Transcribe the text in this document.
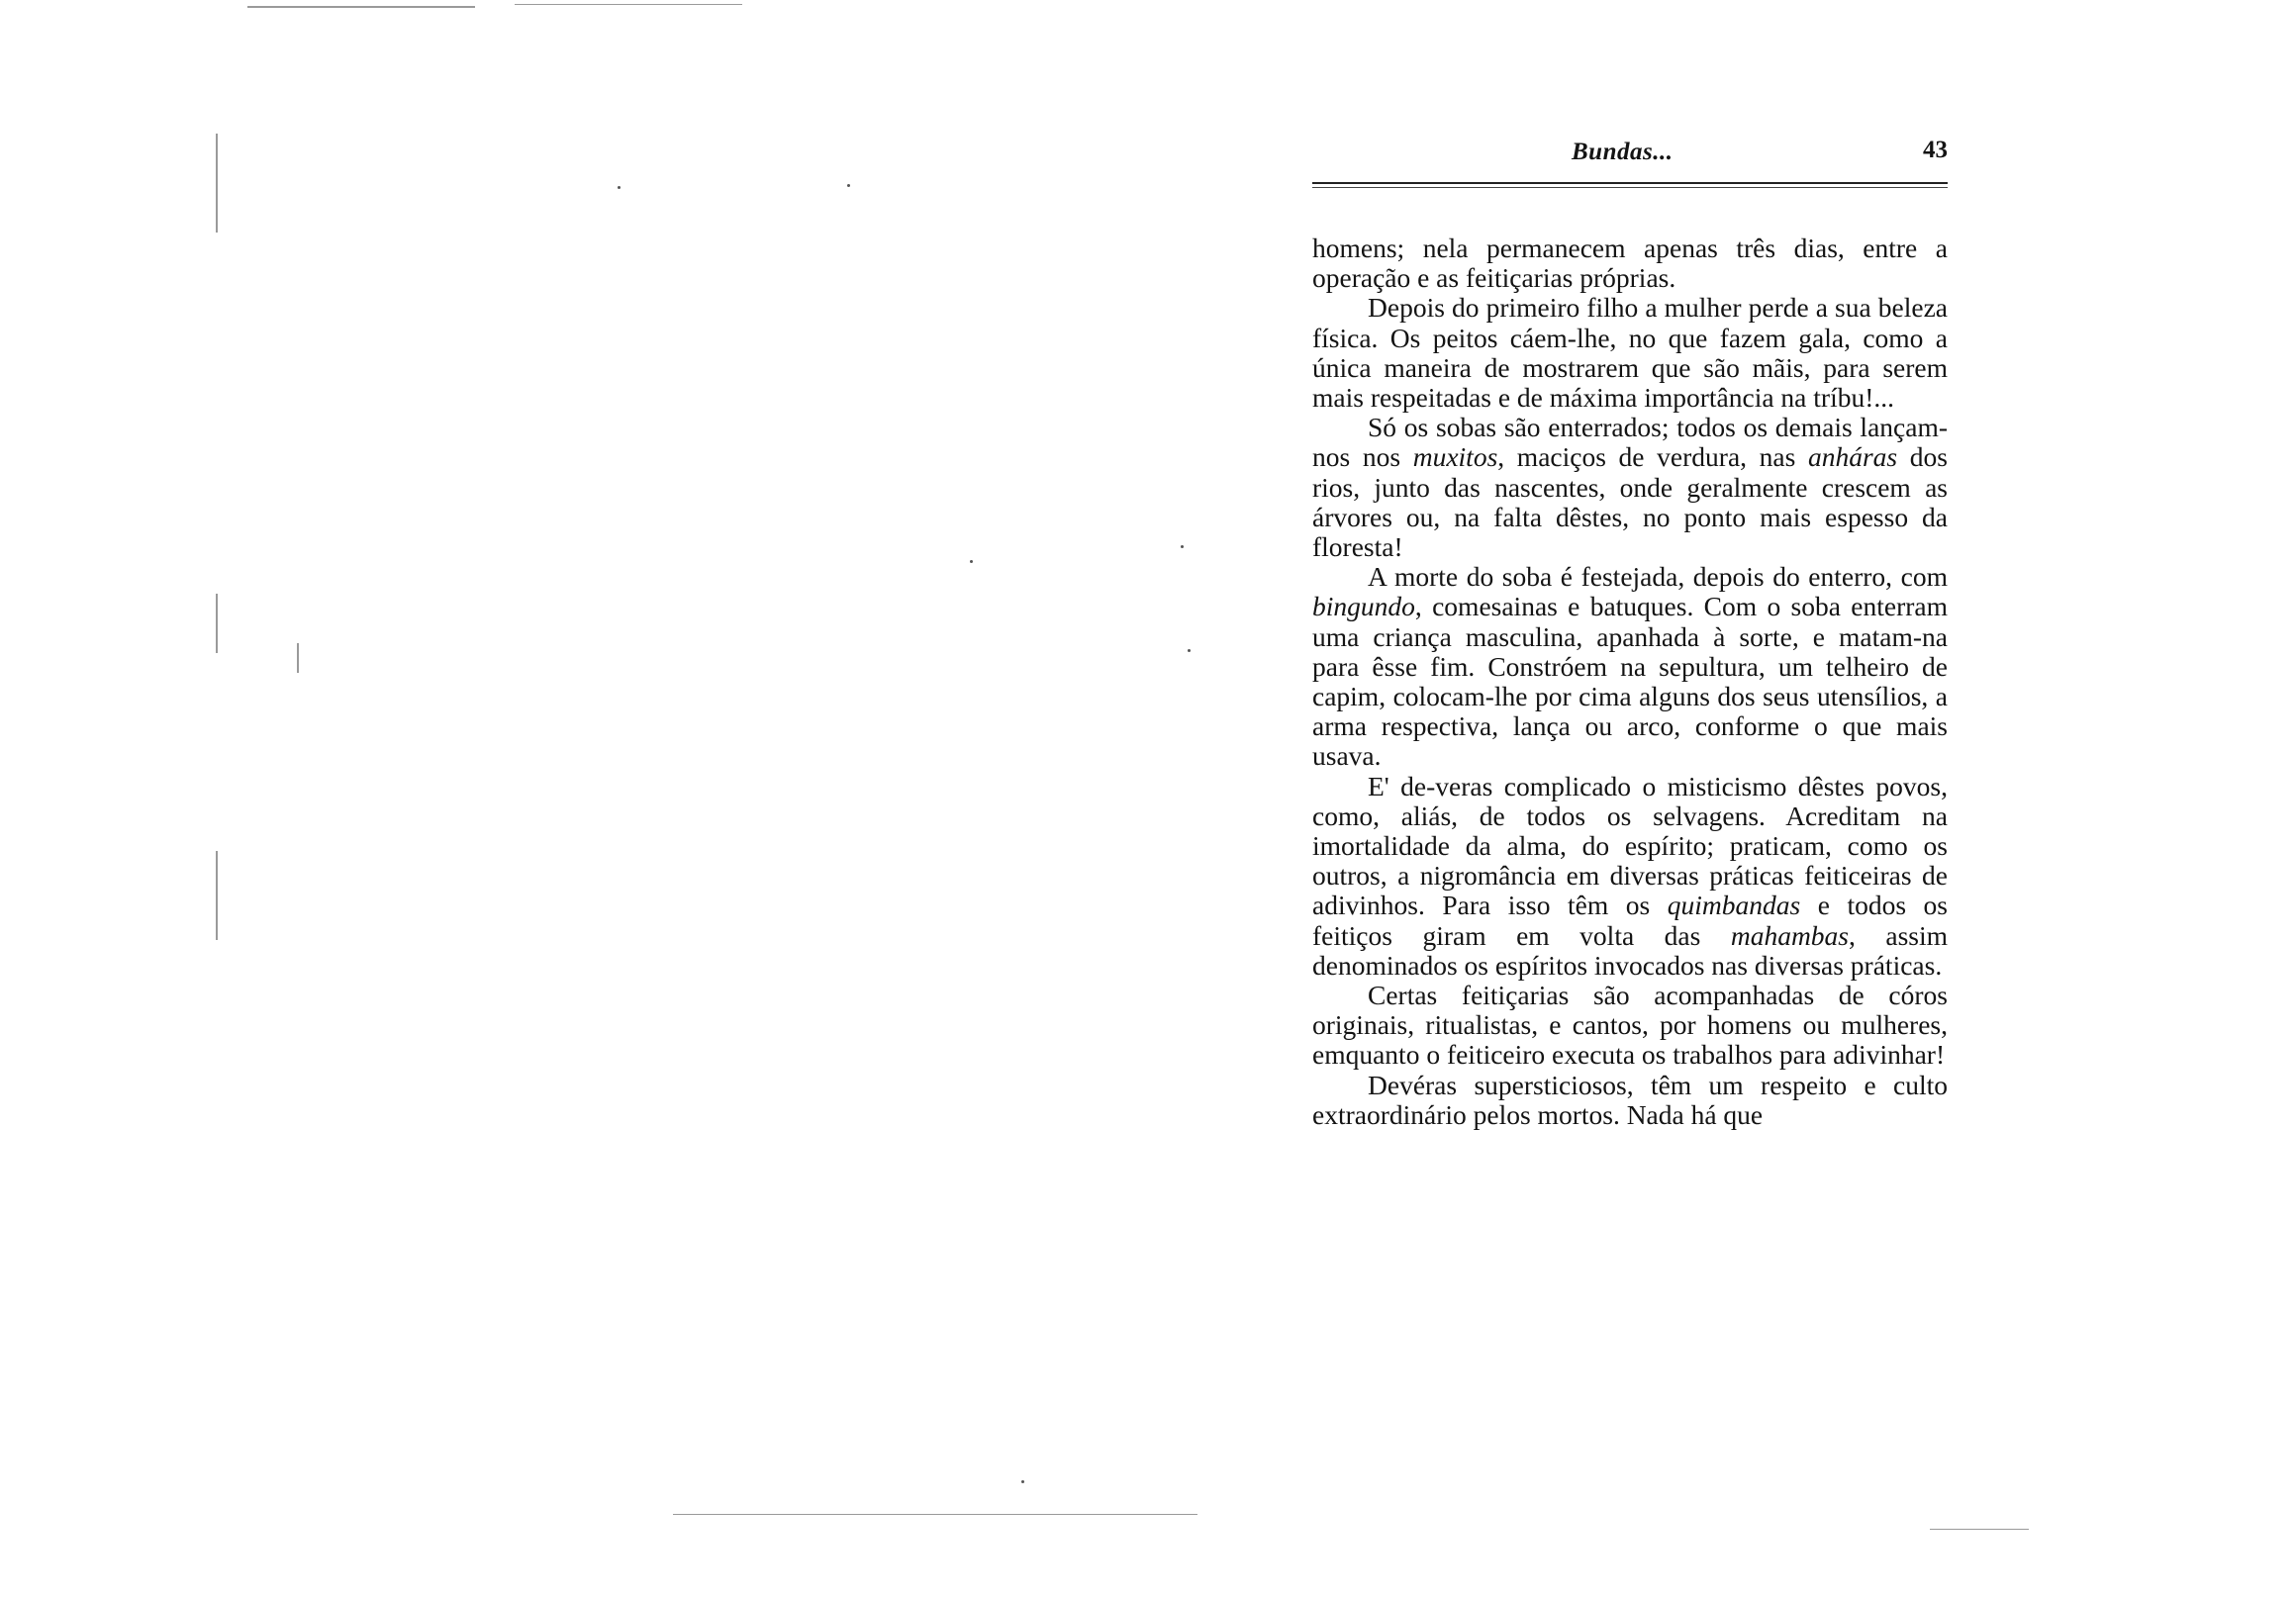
Bundas...	43

homens; nela permanecem apenas três dias, entre a operação e as feitiçarias próprias.

Depois do primeiro filho a mulher perde a sua beleza física. Os peitos cáem-lhe, no que fazem gala, como a única maneira de mostrarem que são mãis, para serem mais respeitadas e de máxima importância na tríbu!...

Só os sobas são enterrados; todos os demais lançam-nos nos muxitos, maciços de verdura, nas anháras dos rios, junto das nascentes, onde geralmente crescem as árvores ou, na falta dêstes, no ponto mais espesso da floresta!

A morte do soba é festejada, depois do enterro, com bingundo, comesainas e batuques. Com o soba enterram uma criança masculina, apanhada à sorte, e matam-na para êsse fim. Constróem na sepultura, um telheiro de capim, colocam-lhe por cima alguns dos seus utensílios, a arma respectiva, lança ou arco, conforme o que mais usava.

E' de-veras complicado o misticismo dêstes povos, como, aliás, de todos os selvagens. Acreditam na imortalidade da alma, do espírito; praticam, como os outros, a nigromância em diversas práticas feiticeiras de adivinhos. Para isso têm os quimbandas e todos os feitiços giram em volta das mahambas, assim denominados os espíritos invocados nas diversas práticas.

Certas feitiçarias são acompanhadas de córos originais, ritualistas, e cantos, por homens ou mulheres, emquanto o feiticeiro executa os trabalhos para adivinhar!

Devéras supersticiosos, têm um respeito e culto extraordinário pelos mortos. Nada há que
